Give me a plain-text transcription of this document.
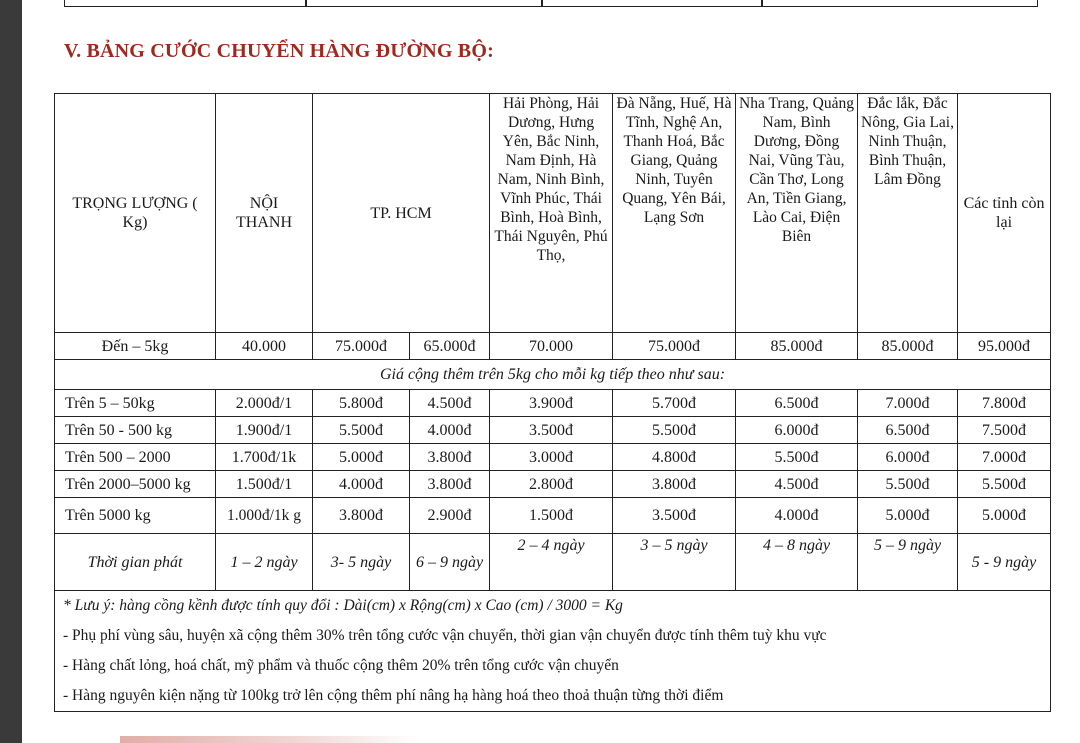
V. BẢNG CƯỚC CHUYỂN HÀNG ĐƯỜNG BỘ:
TRỌNG LƯỢNG ( Kg)	NỘI THANH	TP. HCM		Hải Phòng, Hải Dương, Hưng Yên, Bắc Ninh, Nam Định, Hà Nam, Ninh Bình, Vĩnh Phúc, Thái Bình, Hoà Bình, Thái Nguyên, Phú Thọ,	Đà Nẵng, Huế, Hà Tĩnh, Nghệ An, Thanh Hoá, Bắc Giang, Quảng Ninh, Tuyên Quang, Yên Bái, Lạng Sơn	Nha Trang, Quảng Nam, Bình Dương, Đồng Nai, Vũng Tàu, Cần Thơ, Long An, Tiền Giang, Lào Cai, Điện Biên	Đắc lắk, Đắc Nông, Gia Lai, Ninh Thuận, Bình Thuận, Lâm Đồng	Các tỉnh còn lại
Đến – 5kg	40.000	75.000đ	65.000đ	70.000	75.000đ	85.000đ	85.000đ	95.000đ
Giá cộng thêm trên 5kg cho mỗi kg tiếp theo như sau:								
Trên 5 – 50kg	2.000đ/1	5.800đ	4.500đ	3.900đ	5.700đ	6.500đ	7.000đ	7.800đ
Trên 50 - 500 kg	1.900đ/1	5.500đ	4.000đ	3.500đ	5.500đ	6.000đ	6.500đ	7.500đ
Trên 500 – 2000	1.700đ/1k	5.000đ	3.800đ	3.000đ	4.800đ	5.500đ	6.000đ	7.000đ
Trên 2000–5000 kg	1.500đ/1	4.000đ	3.800đ	2.800đ	3.800đ	4.500đ	5.500đ	5.500đ
Trên 5000 kg	1.000đ/1k g	3.800đ	2.900đ	1.500đ	3.500đ	4.000đ	5.000đ	5.000đ
Thời gian phát	1 – 2 ngày	3- 5 ngày	6 – 9 ngày	2 – 4 ngày	3 – 5 ngày	4 – 8 ngày	5 – 9 ngày	5 - 9 ngày

* Lưu ý: hàng cồng kềnh được tính quy đổi : Dài(cm) x Rộng(cm) x Cao (cm) / 3000 = Kg
- Phụ phí vùng sâu, huyện xã cộng thêm 30% trên tổng cước vận chuyển, thời gian vận chuyển được tính thêm tuỳ khu vực
- Hàng chất lỏng, hoá chất, mỹ phẩm và thuốc cộng thêm 20% trên tổng cước vận chuyển
- Hàng nguyên kiện nặng từ 100kg trở lên cộng thêm phí nâng hạ hàng hoá theo thoả thuận từng thời điểm								
